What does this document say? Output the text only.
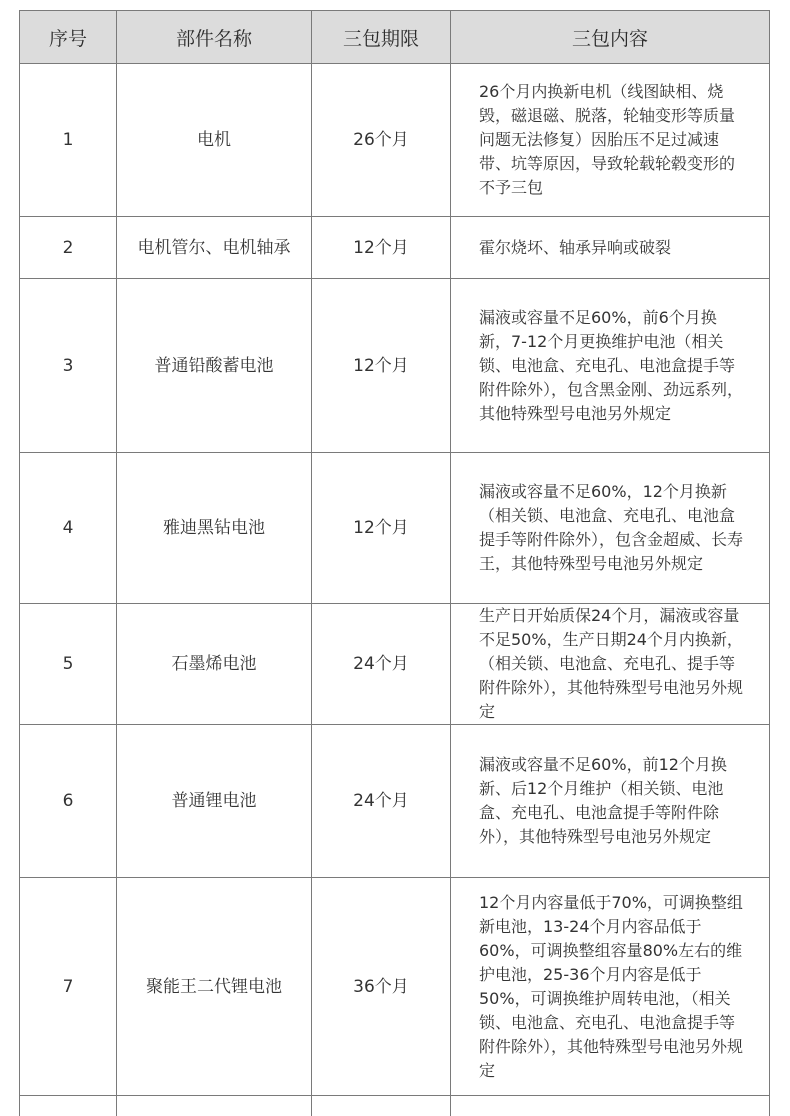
序号	部件名称	三包期限	三包内容
1	电机	26个月	26个月内换新电机（线图缺相、烧毁，磁退磁、脱落，轮轴变形等质量问题无法修复）因胎压不足过减速带、坑等原因，导致轮载轮毂变形的不予三包
2	电机管尔、电机轴承	12个月	霍尔烧坏、轴承异响或破裂
3	普通铅酸蓄电池	12个月	漏液或容量不足60%，前6个月换新，7-12个月更换维护电池（相关锁、电池盒、充电孔、电池盒提手等附件除外），包含黑金刚、劲远系列，其他特殊型号电池另外规定
4	雅迪黑钻电池	12个月	漏液或容量不足60%，12个月换新（相关锁、电池盒、充电孔、电池盒提手等附件除外），包含金超威、长寿王，其他特殊型号电池另外规定
5	石墨烯电池	24个月	生产日开始质保24个月，漏液或容量不足50%，生产日期24个月内换新，（相关锁、电池盒、充电孔、提手等附件除外），其他特殊型号电池另外规定
6	普通锂电池	24个月	漏液或容量不足60%，前12个月换新、后12个月维护（相关锁、电池盒、充电孔、电池盒提手等附件除外），其他特殊型号电池另外规定
7	聚能王二代锂电池	36个月	12个月内容量低于70%，可调换整组新电池，13-24个月内容品低于60%，可调换整组容量80%左右的维护电池，25-36个月内容是低于50%，可调换维护周转电池，（相关锁、电池盒、充电孔、电池盒提手等附件除外），其他特殊型号电池另外规定
